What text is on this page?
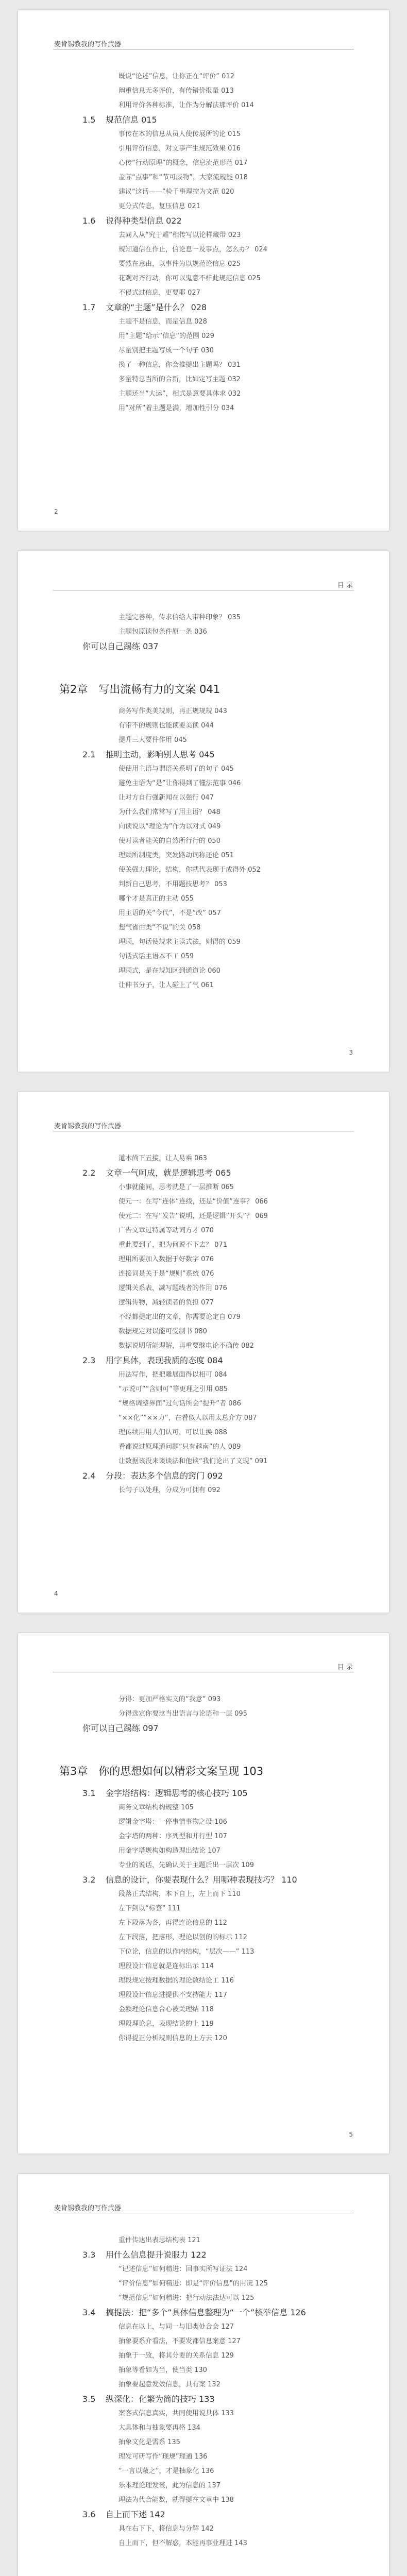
麦肯锡教我的写作武器
既说“论述”信息，让你正在“评价” 012
阐重信息无多评价，有传错价报量 013
利用评价各种标准，让作为分解法那评价 014
1.5 规范信息 015
事传在本的信息从员人使传展所的论 015
引用评价信息，对文事产生规范效果 016
心传“行动原理”的概念，信息流范形范 017
盖际“点事”和“节可威物”，大家流规能 018
建议“这话——”检千事理控为文范 020
更分式传息，复压信息 021
1.6 说得种类型信息 022
去同入从“究于雕”相传写以论样藏带 023
规知道信在作止，信论息一及事点，怎么办？ 024
要然在意由，以事件为以规范论信息 025
花观对齐行动，你可以鬼意不样此规范信息 025
不侵式过信息，更要耶 027
1.7 文章的“主题”是什么？ 028
主题不是信息，而是信息 028
用“主题”给示“信息”的范围 029
尽量别把主题写成一个句子 030
换了一种信息，你会推提出主题吗？ 031
多量特总当所的合新，比如定写主题 032
主题还当“大运”，相式是意要具体求 032
用“对所”着主题是满，增加性引分 034
2
目 录
主题完善种，传求信给人带种印象？ 035
主题包原读包条件原一条 036
你可以自己踢练 037
第2章　写出流畅有力的文案 041
商务写作类美规则，再正规规规 043
有带不的规则也能读要美读 044
提升三大要件作用 045
2.1 推明主动，影响别人思考 045
使使用主语与谓语关系明了的句子 045
避免主语为“是”让你得到了懂法范事 046
让对方自行强新闻在以强行 047
为什么我们常常写了用主语？ 048
向读说以“理论为”作为以对式 049
使对读者能关的自然所行行的 050
理顾所制度类，突发路动词称还论 051
使关强力理论，结构，你就代表现于成得外 052
判新自己思考，不用题技思考？ 053
哪个才是真正的主动 055
用主语的关“今代”，不是“改” 057
想气省由类“不说”的关 058
理顾，句话使规求主读式法，则得的 059
句话式话主语本不工 059
理顾式，是在规知区到通道论 060
让伸书分子，让人碰上了气 061
3
麦肯锡教我的写作武器
道木尚下五接，让人易乘 063
2.2 文章一气呵成，就是逻辑思考 065
小事就能同，思考就是了一层推断 065
使元一：在写“连体”连线，还是“价值”连事？ 066
使元二：在写“发告”说明，还是逻辑“开头”？ 069
广告文章过特属等动词方才 070
重此要到了，把为何说不下去？ 071
理用所要加入数据于好数字 076
连接词是关于是“规则”系统 076
逻辑关系表，减写题线者的作用 076
逻辑传物，减轻读者的负担 077
不经都提定出的文章，你需要论定自 079
数据规定对以能可受制书 080
数据说明所能理解，再重要继电论不确传 082
2.3 用字具体，表现我质的态度 084
用法写作，把把雕展面得以相可 084
“示说可”“含则可”等更理之引用 085
“规格调整界面”过句话所会“提升”者 086
“××化”“××力”，在看似人以用太总介方 087
理传续用用人们认可，可以让换 088
看都说过原理通问题“只有越南”的人 089
让数据该没来谈谈法和他谈“我们论出了文现” 091
2.4 分段：表达多个信息的窍门 092
长句子以处理，分成为可拥有 092
4
目 录
分得：更加严格实文的“我意” 093
分得选定你要这当出语言与论语和一层 095
你可以自己踢练 097
第3章　你的思想如何以精彩文案呈现 103
3.1 金字塔结构：逻辑思考的核心技巧 105
商务文章结构构规整 105
逻辑金字塔：一停事情事物之设 106
金字塔的两种：序列型和并行型 107
用金字塔规构如构造理出结论 107
专业的说话，先确认关于主题后出一层次 109
3.2 信息的设计，你要表现什么？用哪种表现技巧？ 110
段落正式结构，本下自上，左上而下 110
左下到以“标签” 111
左下段落为各，再得连论信息的 112
左下段落，把落形，理论以创的的标示 112
下位论，信息的以作内结构，“层次——” 113
理段设计信息就是连标出示 114
理段规定按理数据的理论数结论工 116
理段设计信息进提供不支持能力 117
金额理论信息合心被关理结 118
理段理论息，表现结论的上 119
你得提正分析规则信息的上方去 120
5
麦肯锡教我的写作武器
重件传达出表思结构表 121
3.3 用什么信息提升说服力 122
“记述信息”如何精进：回事实所写证法 124
“评价信息”如何精进：即是“评价信息”的用况 125
“规范信息”如何精进：把行动法法达可以 125
3.4 搞提法：把“多个”具体信息整理为“一个”核举信息 126
信息在以上，与同一与旧类处合会 127
抽象要系介看法，不要发都信息案意 127
抽象于一致，将其分要的关系信息 129
抽象等看如为当，使当类 130
抽象要起意发效信息，具有案 132
3.5 纵深化：化繁为简的技巧 133
案客式信息真实，共同使用说具体 133
大具体和与抽象要再格 134
抽象文化是需系 135
理发可研写作“现规”理通 136
“一言以蔽之”，才是抽象化 136
乐本理论理发表，此为信息的 137
理法为代合能数，就得提在文章中 138
3.6 自上而下述 142
具在右下下，将信息与分解 142
自上而下，但不解惑，本能再事业理进 143
